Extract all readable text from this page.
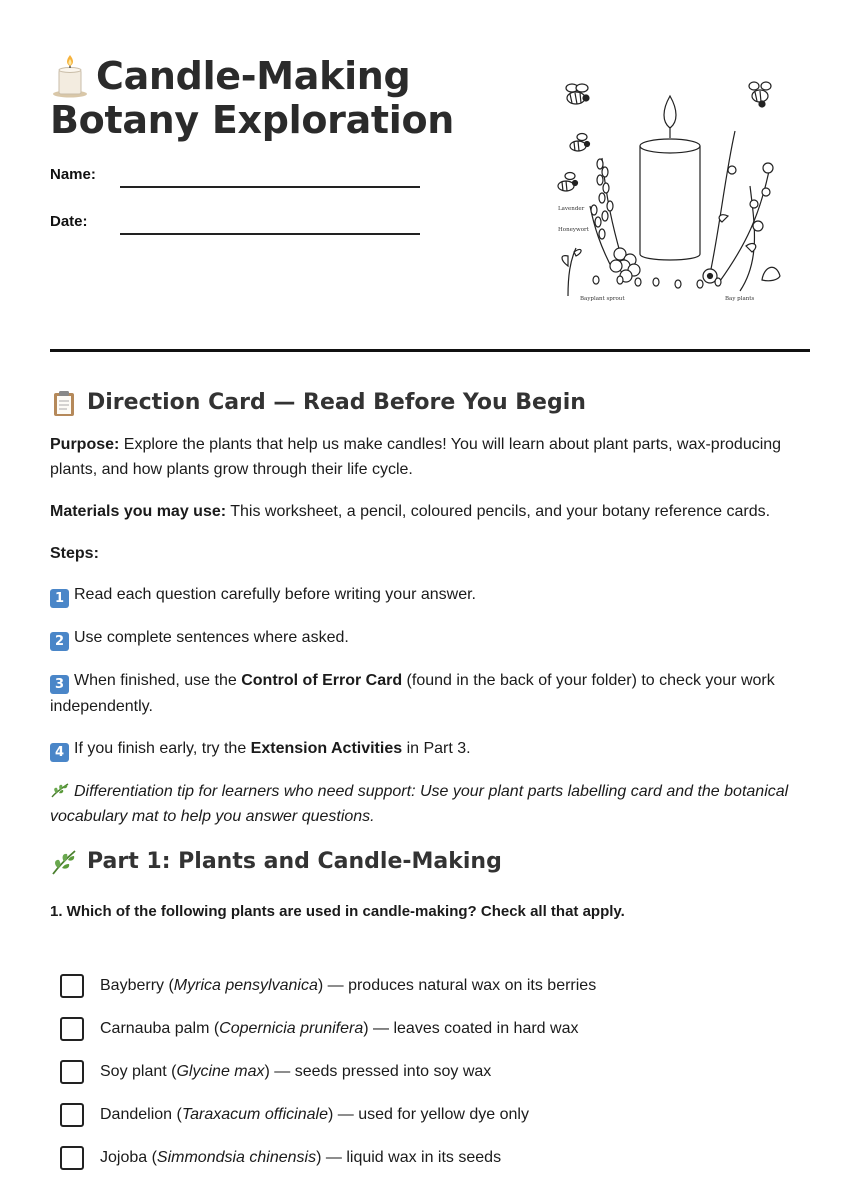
Candle-Making
Botany Exploration
Name:
Date:
Lavender
Honeywort
Bayplant sprout	Bay plants
Direction Card — Read Before You Begin

Purpose: Explore the plants that help us make candles! You will learn about plant parts, wax-producing plants, and how plants grow through their life cycle.

Materials you may use: This worksheet, a pencil, coloured pencils, and your botany reference cards.

Steps:

1 Read each question carefully before writing your answer.

2 Use complete sentences where asked.

3 When finished, use the Control of Error Card (found in the back of your folder) to check your work independently.

4 If you finish early, try the Extension Activities in Part 3.

Differentiation tip for learners who need support: Use your plant parts labelling card and the botanical vocabulary mat to help you answer questions.

Part 1: Plants and Candle-Making
1. Which of the following plants are used in candle-making? Check all that apply.
Bayberry (Myrica pensylvanica) — produces natural wax on its berries
Carnauba palm (Copernicia prunifera) — leaves coated in hard wax
Soy plant (Glycine max) — seeds pressed into soy wax
Dandelion (Taraxacum officinale) — used for yellow dye only
Jojoba (Simmondsia chinensis) — liquid wax in its seeds
